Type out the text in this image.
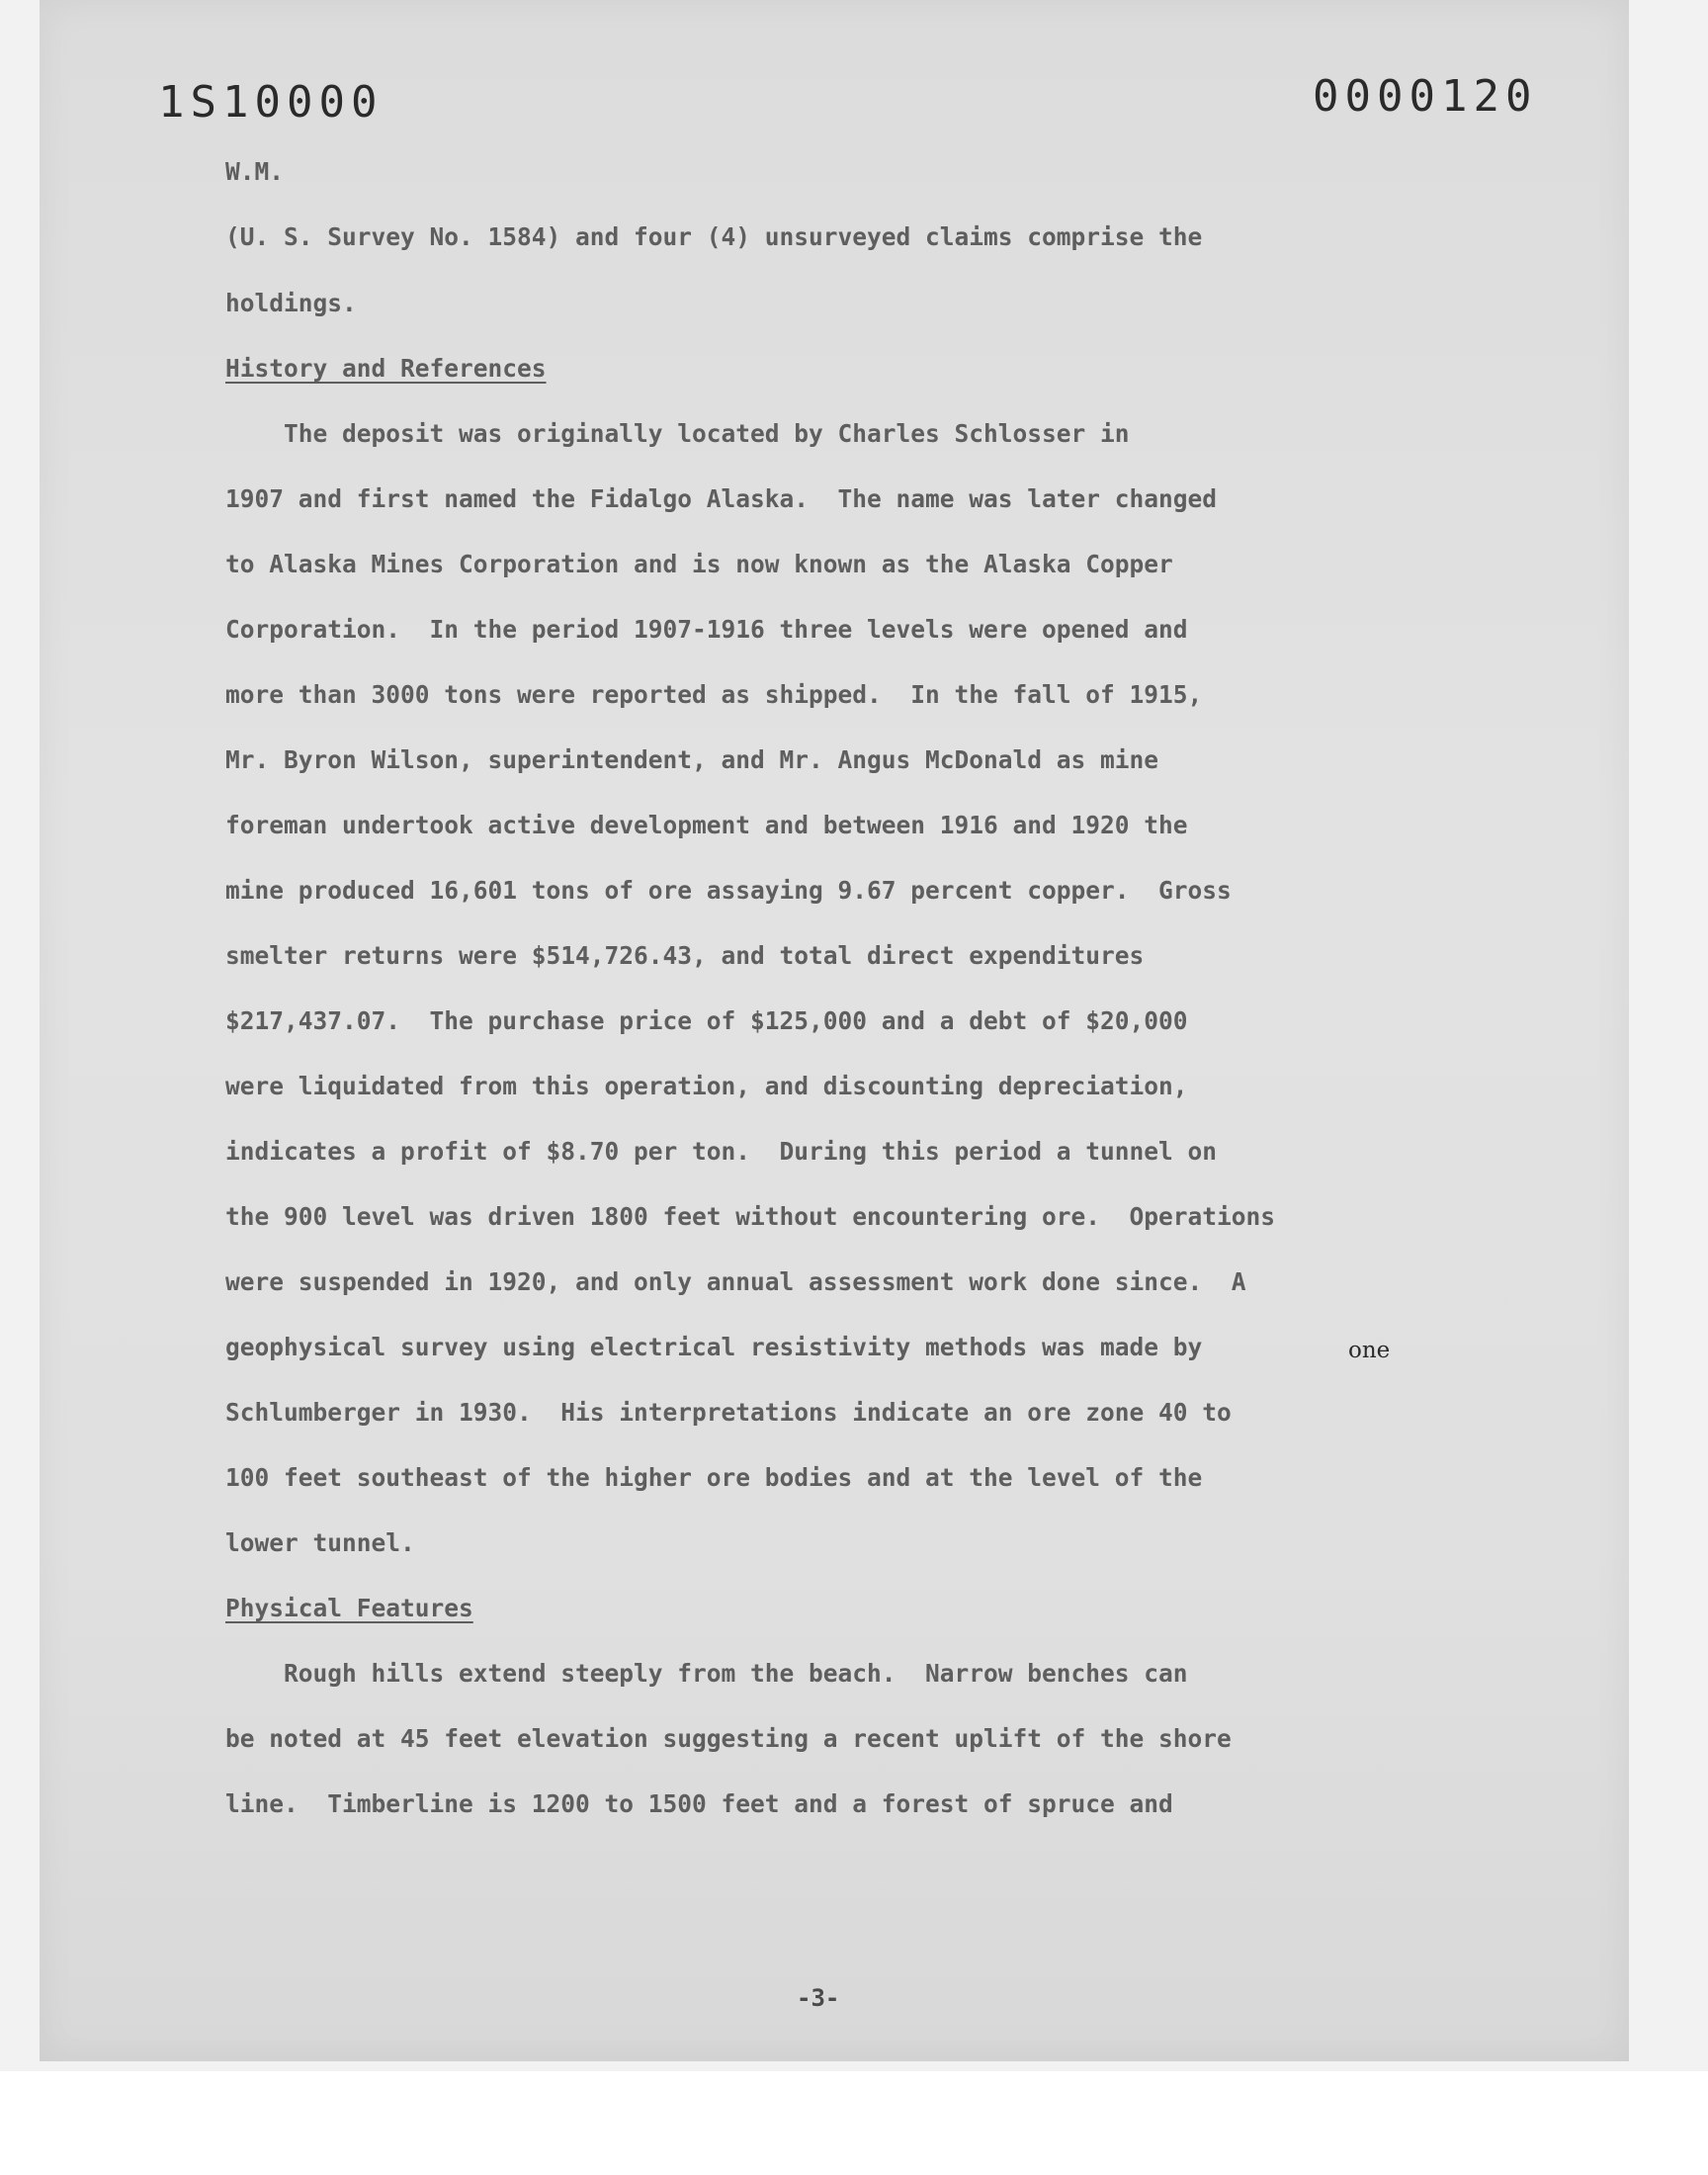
1S10000	0000120
W.M.
(U. S. Survey No. 1584) and four (4) unsurveyed claims comprise the
holdings.
History and References
The deposit was originally located by Charles Schlosser in
1907 and first named the Fidalgo Alaska.  The name was later changed
to Alaska Mines Corporation and is now known as the Alaska Copper
Corporation.  In the period 1907-1916 three levels were opened and
more than 3000 tons were reported as shipped.  In the fall of 1915,
Mr. Byron Wilson, superintendent, and Mr. Angus McDonald as mine
foreman undertook active development and between 1916 and 1920 the
mine produced 16,601 tons of ore assaying 9.67 percent copper.  Gross
smelter returns were $514,726.43, and total direct expenditures
$217,437.07.  The purchase price of $125,000 and a debt of $20,000
were liquidated from this operation, and discounting depreciation,
indicates a profit of $8.70 per ton.  During this period a tunnel on
the 900 level was driven 1800 feet without encountering ore.  Operations
were suspended in 1920, and only annual assessment work done since.  A
geophysical survey using electrical resistivity methods was made by
Schlumberger in 1930.  His interpretations indicate an ore zone 40 to
100 feet southeast of the higher ore bodies and at the level of the
lower tunnel.
Physical Features
Rough hills extend steeply from the beach.  Narrow benches can
be noted at 45 feet elevation suggesting a recent uplift of the shore
line.  Timberline is 1200 to 1500 feet and a forest of spruce and
one
-3-
